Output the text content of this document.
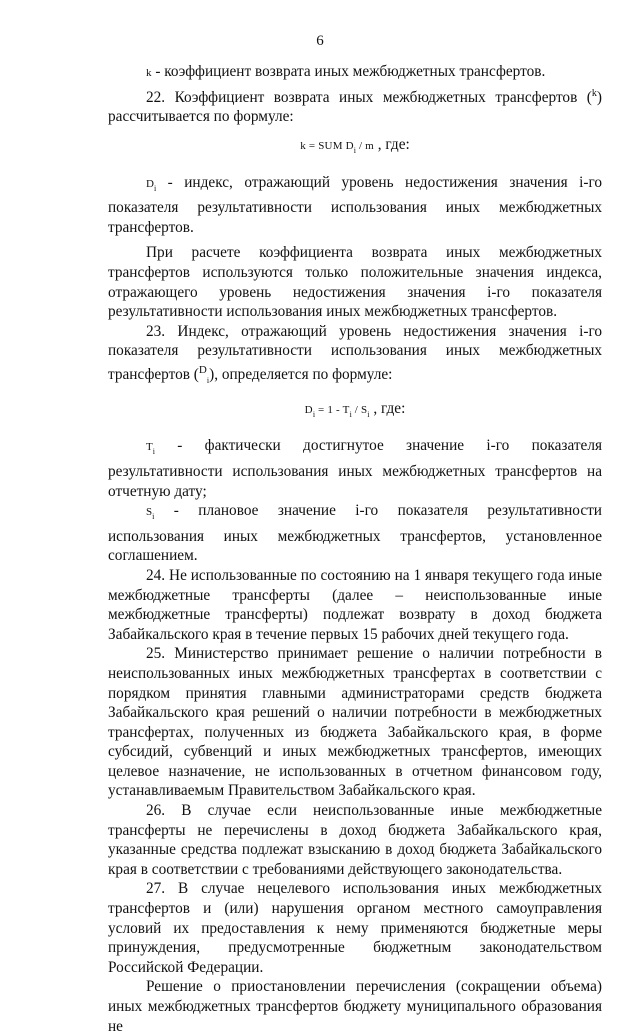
6

k - коэффициент возврата иных межбюджетных трансфертов.

22. Коэффициент возврата иных межбюджетных трансфертов ($^k$) рассчитывается по формуле:

k = SUM $D_i$ / m , где:

$D_i$ - индекс, отражающий уровень недостижения значения i-го показателя результативности использования иных межбюджетных трансфертов.

При расчете коэффициента возврата иных межбюджетных трансфертов используются только положительные значения индекса, отражающего уровень недостижения значения i-го показателя результативности использования иных межбюджетных трансфертов.

23. Индекс, отражающий уровень недостижения значения i-го показателя результативности использования иных межбюджетных трансфертов ($^D_i$), определяется по формуле:

$D_i = 1 - T_i / S_i$ , где:

$T_i$ - фактически достигнутое значение i-го показателя результативности использования иных межбюджетных трансфертов на отчетную дату;

$S_i$ - плановое значение i-го показателя результативности использования иных межбюджетных трансфертов, установленное соглашением.

24. Не использованные по состоянию на 1 января текущего года иные межбюджетные трансферты (далее – неиспользованные иные межбюджетные трансферты) подлежат возврату в доход бюджета Забайкальского края в течение первых 15 рабочих дней текущего года.

25. Министерство принимает решение о наличии потребности в неиспользованных иных межбюджетных трансфертах в соответствии с порядком принятия главными администраторами средств бюджета Забайкальского края решений о наличии потребности в межбюджетных трансфертах, полученных из бюджета Забайкальского края, в форме субсидий, субвенций и иных межбюджетных трансфертов, имеющих целевое назначение, не использованных в отчетном финансовом году, устанавливаемым Правительством Забайкальского края.

26. В случае если неиспользованные иные межбюджетные трансферты не перечислены в доход бюджета Забайкальского края, указанные средства подлежат взысканию в доход бюджета Забайкальского края в соответствии с требованиями действующего законодательства.

27. В случае нецелевого использования иных межбюджетных трансфертов и (или) нарушения органом местного самоуправления условий их предоставления к нему применяются бюджетные меры принуждения, предусмотренные бюджетным законодательством Российской Федерации.

Решение о приостановлении перечисления (сокращении объема) иных межбюджетных трансфертов бюджету муниципального образования не
